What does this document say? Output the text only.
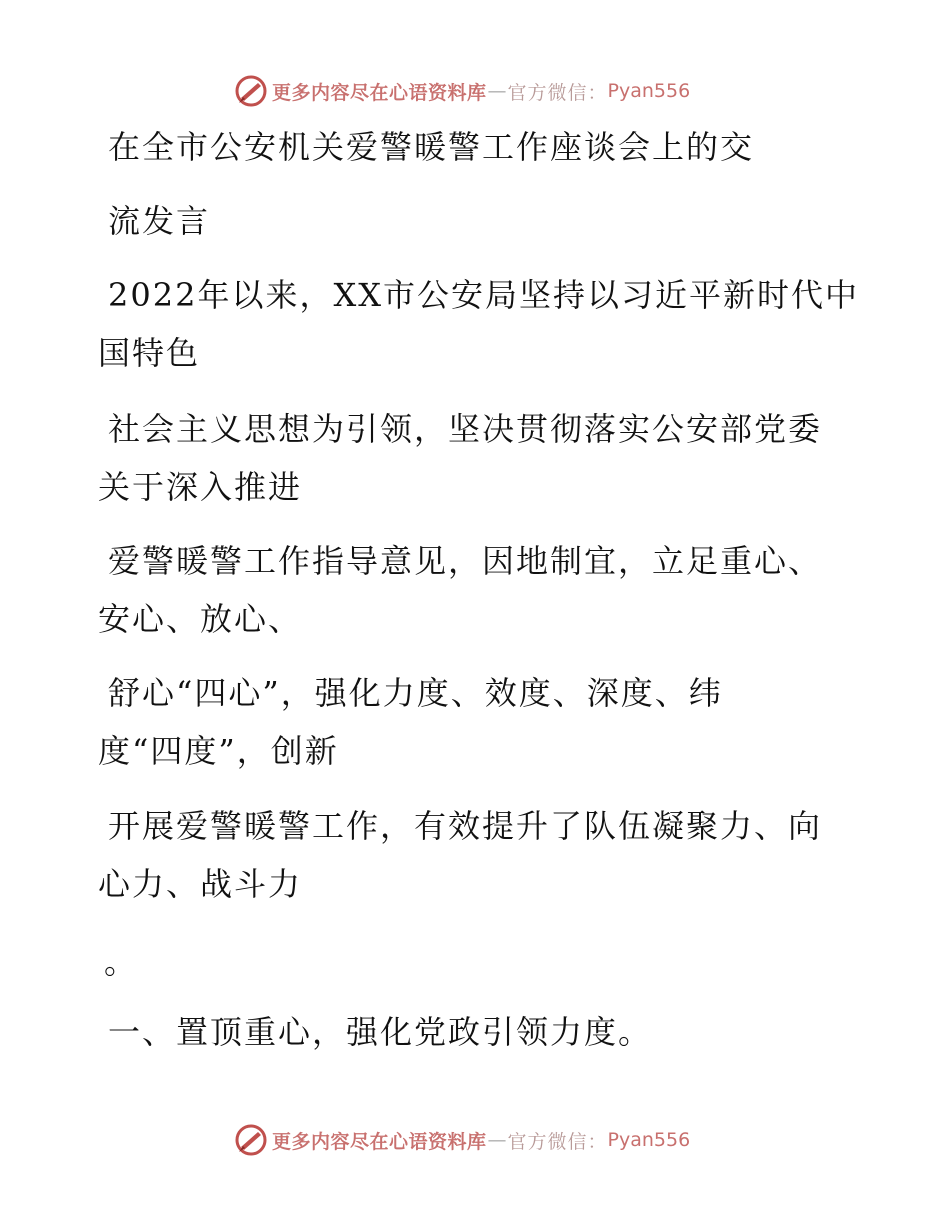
更多内容尽在心语资料库 — 官方微信： Pyan556
在全市公安机关爱警暖警工作座谈会上的交
流发言
2022年以来，XX市公安局坚持以习近平新时代中
国特色
社会主义思想为引领，坚决贯彻落实公安部党委
关于深入推进
爱警暖警工作指导意见，因地制宜，立足重心、
安心、放心、
舒心“四心”，强化力度、效度、深度、纬
度“四度”，创新
开展爱警暖警工作，有效提升了队伍凝聚力、向
心力、战斗力
。
一、置顶重心，强化党政引领力度。
更多内容尽在心语资料库 — 官方微信： Pyan556
